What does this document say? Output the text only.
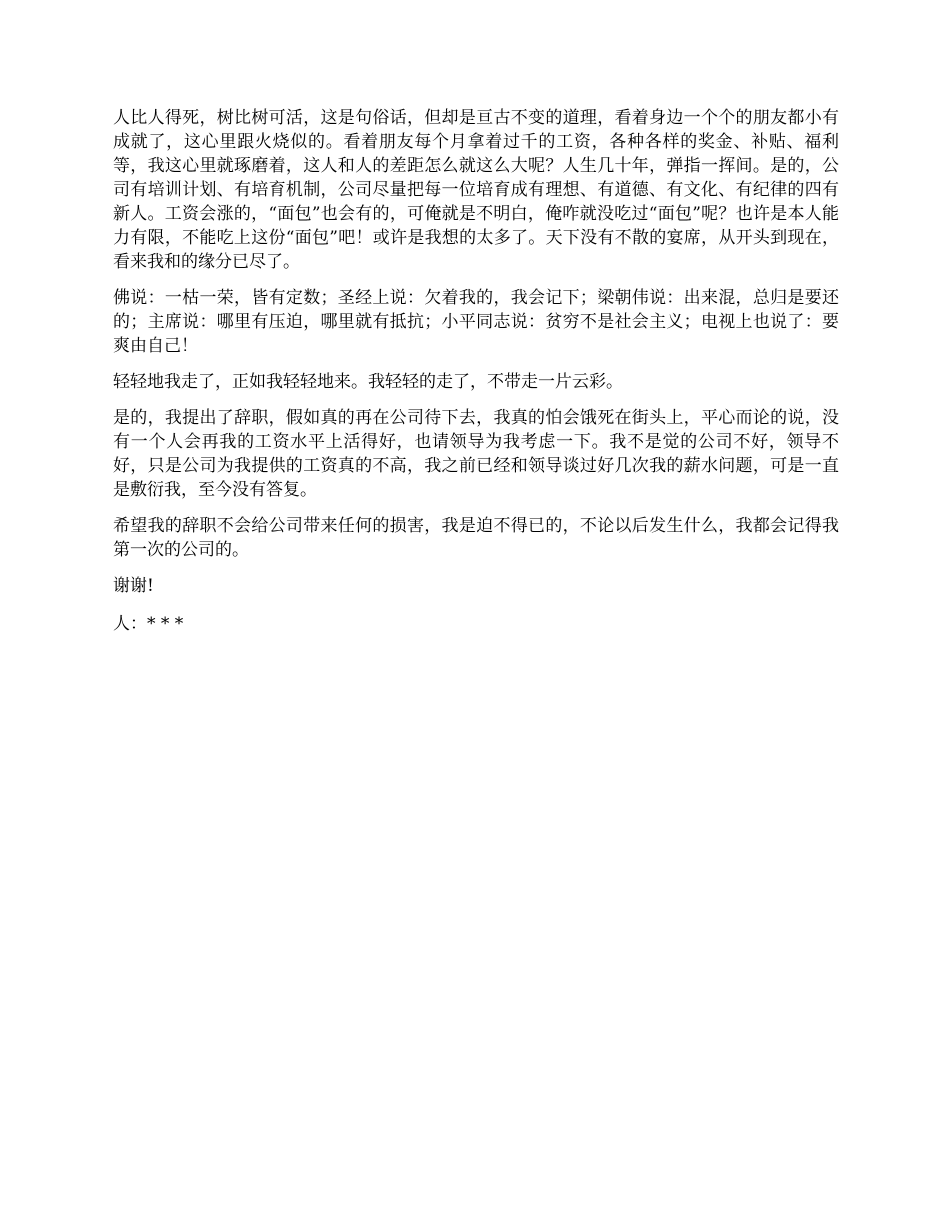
人比人得死，树比树可活，这是句俗话，但却是亘古不变的道理，看着身边一个个的朋友都小有成就了，这心里跟火烧似的。看着朋友每个月拿着过千的工资，各种各样的奖金、补贴、福利等，我这心里就琢磨着，这人和人的差距怎么就这么大呢？人生几十年，弹指一挥间。是的，公司有培训计划、有培育机制，公司尽量把每一位培育成有理想、有道德、有文化、有纪律的四有新人。工资会涨的，“面包”也会有的，可俺就是不明白，俺咋就没吃过“面包”呢？也许是本人能力有限，不能吃上这份“面包”吧！或许是我想的太多了。天下没有不散的宴席，从开头到现在，看来我和的缘分已尽了。

佛说：一枯一荣，皆有定数；圣经上说：欠着我的，我会记下；梁朝伟说：出来混，总归是要还的；主席说：哪里有压迫，哪里就有抵抗；小平同志说：贫穷不是社会主义；电视上也说了：要爽由自己！

轻轻地我走了，正如我轻轻地来。我轻轻的走了，不带走一片云彩。

是的，我提出了辞职，假如真的再在公司待下去，我真的怕会饿死在街头上，平心而论的说，没有一个人会再我的工资水平上活得好，也请领导为我考虑一下。我不是觉的公司不好，领导不好，只是公司为我提供的工资真的不高，我之前已经和领导谈过好几次我的薪水问题，可是一直是敷衍我，至今没有答复。

希望我的辞职不会给公司带来任何的损害，我是迫不得已的，不论以后发生什么，我都会记得我第一次的公司的。

谢谢!

人：* * *
